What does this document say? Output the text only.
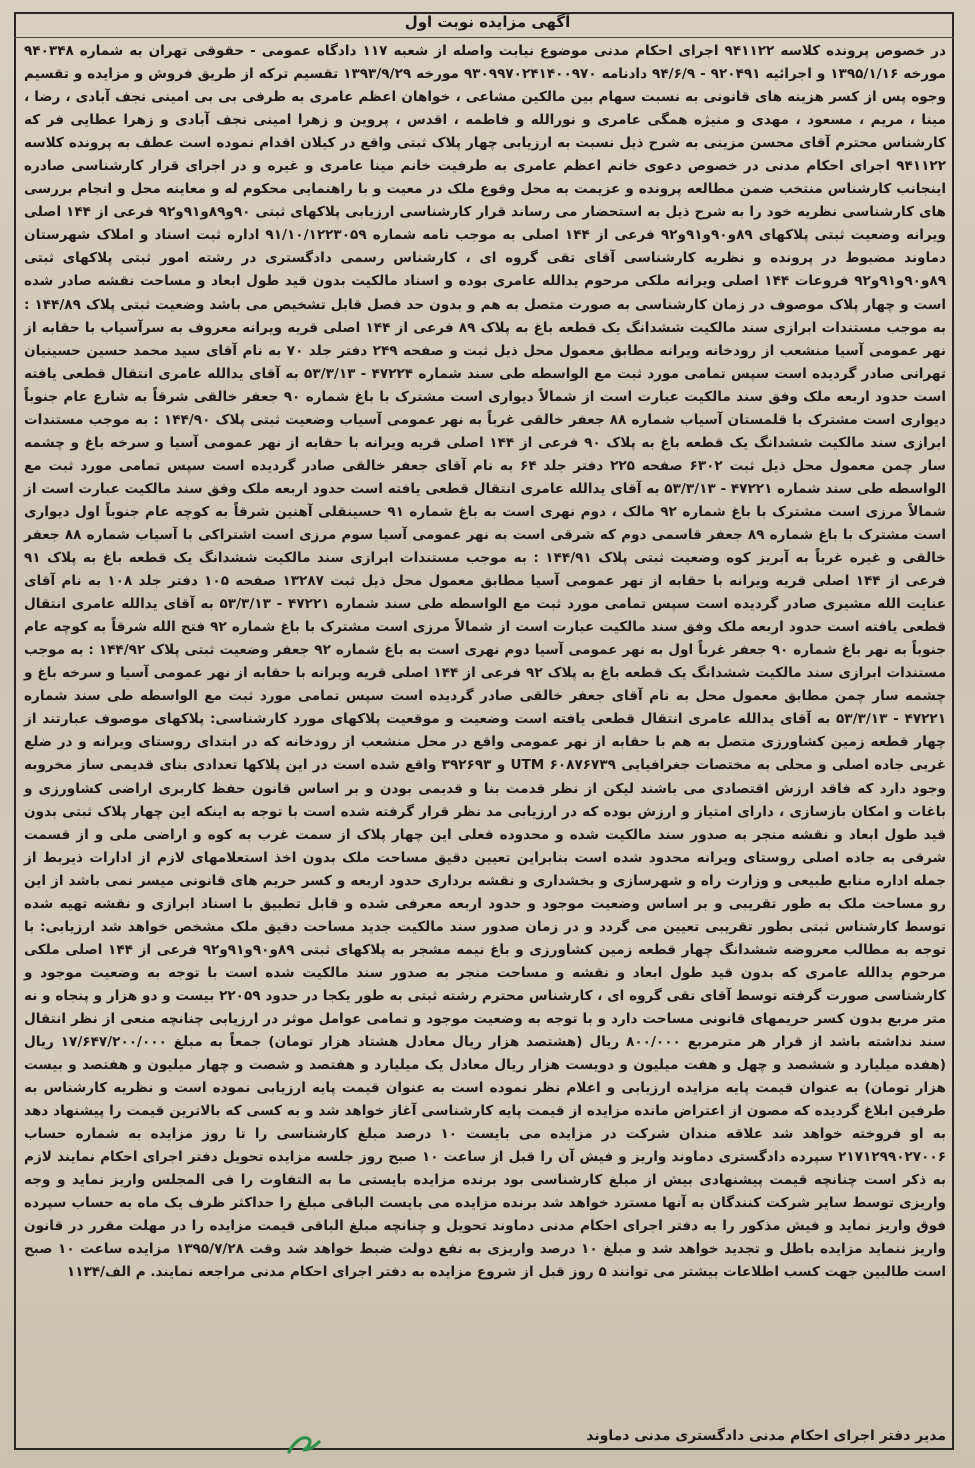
آگهی مزایده نوبت اول

در خصوص پرونده کلاسه ۹۴۱۱۲۲ اجرای احکام مدنی موضوع نیابت واصله از شعبه ۱۱۷ دادگاه عمومی - حقوقی تهران به شماره ۹۴۰۳۴۸ مورخه ۱۳۹۵/۱/۱۶ و اجرائیه ۹۲۰۴۹۱ - ۹۴/۶/۹ دادنامه ۹۳۰۹۹۷۰۲۴۱۴۰۰۹۷۰ مورخه ۱۳۹۳/۹/۲۹ تقسیم ترکه از طریق فروش و مزایده و تقسیم وجوه پس از کسر هزینه های قانونی به نسبت سهام بین مالکین مشاعی ، خواهان اعظم عامری به طرفی بی بی امینی نجف آبادی ، رضا ، مینا ، مریم ، مسعود ، مهدی و منیژه همگی عامری و نورالله و فاطمه ، اقدس ، پروین و زهرا امینی نجف آبادی و زهرا عطایی فر که کارشناس محترم آقای محسن مزینی به شرح ذیل نسبت به ارزیابی چهار پلاک ثبتی واقع در کیلان اقدام نموده است عطف به پرونده کلاسه ۹۴۱۱۲۲ اجرای احکام مدنی در خصوص دعوی خانم اعظم عامری به طرفیت خانم مینا عامری و غیره و در اجرای قرار کارشناسی صادره اینجانب کارشناس منتخب ضمن مطالعه پرونده و عزیمت به محل وقوع ملک در معیت و با راهنمایی محکوم له و معاینه محل و انجام بررسی های کارشناسی نظریه خود را به شرح ذیل به استحضار می رساند قرار کارشناسی ارزیابی پلاکهای ثبتی ۹۰و۸۹و۹۱و۹۲ فرعی از ۱۴۴ اصلی ویرانه وضعیت ثبتی پلاکهای ۸۹و۹۰و۹۱و۹۲ فرعی از ۱۴۴ اصلی به موجب نامه شماره ۹۱/۱۰/۱۲۲۳۰۵۹ اداره ثبت اسناد و املاک شهرستان دماوند مضبوط در پرونده و نظریه کارشناسی آقای تقی گروه ای ، کارشناس رسمی دادگستری در رشته امور ثبتی پلاکهای ثبتی ۸۹و۹۰و۹۱و۹۲ فروعات ۱۴۴ اصلی ویرانه ملکی مرحوم یدالله عامری بوده و اسناد مالکیت بدون قید طول ابعاد و مساحت نقشه صادر شده است و چهار پلاک موصوف در زمان کارشناسی به صورت متصل به هم و بدون حد فصل قابل تشخیص می باشد وضعیت ثبتی پلاک ۱۴۴/۸۹ : به موجب مستندات ابرازی سند مالکیت ششدانگ یک قطعه باغ به پلاک ۸۹ فرعی از ۱۴۴ اصلی قریه ویرانه معروف به سرآسیاب با حقابه از نهر عمومی آسیا منشعب از رودخانه ویرانه مطابق معمول محل ذیل ثبت و صفحه ۲۴۹ دفتر جلد ۷۰ به نام آقای سید محمد حسین حسینیان تهرانی صادر گردیده است سپس تمامی مورد ثبت مع الواسطه طی سند شماره ۴۷۲۲۴ - ۵۳/۳/۱۳ به آقای یدالله عامری انتقال قطعی یافته است حدود اربعه ملک وفق سند مالکیت عبارت است از شمالاً دیواری است مشترک با باغ شماره ۹۰ جعفر خالقی شرقاً به شارع عام جنوباً دیواری است مشترک با قلمستان آسیاب شماره ۸۸ جعفر خالقی غرباً به نهر عمومی آسیاب وضعیت ثبتی پلاک ۱۴۴/۹۰ : به موجب مستندات ابرازی سند مالکیت ششدانگ یک قطعه باغ به پلاک ۹۰ فرعی از ۱۴۴ اصلی قریه ویرانه با حقابه از نهر عمومی آسیا و سرخه باغ و چشمه سار چمن معمول محل ذیل ثبت ۶۳۰۲ صفحه ۲۲۵ دفتر جلد ۶۴ به نام آقای جعفر خالقی صادر گردیده است سپس تمامی مورد ثبت مع الواسطه طی سند شماره ۴۷۲۲۱ - ۵۳/۳/۱۳ به آقای یدالله عامری انتقال قطعی یافته است حدود اربعه ملک وفق سند مالکیت عبارت است از شمالاً مرزی است مشترک با باغ شماره ۹۲ مالک ، دوم نهری است به باغ شماره ۹۱ حسینقلی آهنین شرقاً به کوچه عام جنوباً اول دیواری است مشترک با باغ شماره ۸۹ جعفر قاسمی دوم که شرقی است به نهر عمومی آسیا سوم مرزی است اشتراکی با آسیاب شماره ۸۸ جعفر خالقی و غیره غرباً به آبریز کوه وضعیت ثبتی پلاک ۱۴۴/۹۱ : به موجب مستندات ابرازی سند مالکیت ششدانگ یک قطعه باغ به پلاک ۹۱ فرعی از ۱۴۴ اصلی قریه ویرانه با حقابه از نهر عمومی آسیا مطابق معمول محل ذیل ثبت ۱۳۲۸۷ صفحه ۱۰۵ دفتر جلد ۱۰۸ به نام آقای عنایت الله مشیری صادر گردیده است سپس تمامی مورد ثبت مع الواسطه طی سند شماره ۴۷۲۲۱ - ۵۳/۳/۱۳ به آقای یدالله عامری انتقال قطعی یافته است حدود اربعه ملک وفق سند مالکیت عبارت است از شمالاً مرزی است مشترک با باغ شماره ۹۲ فتح الله شرقاً به کوچه عام جنوباً به نهر باغ شماره ۹۰ جعفر غرباً اول به نهر عمومی آسیا دوم نهری است به باغ شماره ۹۲ جعفر وضعیت ثبتی پلاک ۱۴۴/۹۲ : به موجب مستندات ابرازی سند مالکیت ششدانگ یک قطعه باغ به پلاک ۹۲ فرعی از ۱۴۴ اصلی قریه ویرانه با حقابه از نهر عمومی آسیا و سرخه باغ و چشمه سار چمن مطابق معمول محل به نام آقای جعفر خالقی صادر گردیده است سپس تمامی مورد ثبت مع الواسطه طی سند شماره ۴۷۲۲۱ - ۵۳/۳/۱۳ به آقای یدالله عامری انتقال قطعی یافته است وضعیت و موقعیت پلاکهای مورد کارشناسی: پلاکهای موصوف عبارتند از چهار قطعه زمین کشاورزی متصل به هم با حقابه از نهر عمومی واقع در محل منشعب از رودخانه که در ابتدای روستای ویرانه و در ضلع غربی جاده اصلی و محلی به مختصات جغرافیایی UTM ۶۰۸۷۶۷۳۹ و ۳۹۲۶۹۳ واقع شده است در این پلاکها تعدادی بنای قدیمی ساز مخروبه وجود دارد که فاقد ارزش اقتصادی می باشند لیکن از نظر قدمت بنا و قدیمی بودن و بر اساس قانون حفظ کاربری اراضی کشاورزی و باغات و امکان بازسازی ، دارای امتیاز و ارزش بوده که در ارزیابی مد نظر قرار گرفته شده است با توجه به اینکه این چهار پلاک ثبتی بدون قید طول ابعاد و نقشه منجر به صدور سند مالکیت شده و محدوده فعلی این چهار پلاک از سمت غرب به کوه و اراضی ملی و از قسمت شرقی به جاده اصلی روستای ویرانه محدود شده است بنابراین تعیین دقیق مساحت ملک بدون اخذ استعلامهای لازم از ادارات ذیربط از جمله اداره منابع طبیعی و وزارت راه و شهرسازی و بخشداری و نقشه برداری حدود اربعه و کسر حریم های قانونی میسر نمی باشد از این رو مساحت ملک به طور تقریبی و بر اساس وضعیت موجود و حدود اربعه معرفی شده و قابل تطبیق با اسناد ابرازی و نقشه تهیه شده توسط کارشناس ثبتی بطور تقریبی تعیین می گردد و در زمان صدور سند مالکیت جدید مساحت دقیق ملک مشخص خواهد شد ارزیابی: با توجه به مطالب معروضه ششدانگ چهار قطعه زمین کشاورزی و باغ نیمه مشجر به پلاکهای ثبتی ۸۹و۹۰و۹۱و۹۲ فرعی از ۱۴۴ اصلی ملکی مرحوم یدالله عامری که بدون قید طول ابعاد و نقشه و مساحت منجر به صدور سند مالکیت شده است با توجه به وضعیت موجود و کارشناسی صورت گرفته توسط آقای تقی گروه ای ، کارشناس محترم رشته ثبتی به طور یکجا در حدود ۲۲۰۵۹ بیست و دو هزار و پنجاه و نه متر مربع بدون کسر حریمهای قانونی مساحت دارد و با توجه به وضعیت موجود و تمامی عوامل موثر در ارزیابی چنانچه منعی از نظر انتقال سند نداشته باشد از قرار هر مترمربع ۸۰۰/۰۰۰ ریال (هشتصد هزار ریال معادل هشتاد هزار تومان) جمعاً به مبلغ ۱۷/۶۴۷/۲۰۰/۰۰۰ ریال (هفده میلیارد و ششصد و چهل و هفت میلیون و دویست هزار ریال معادل یک میلیارد و هفتصد و شصت و چهار میلیون و هفتصد و بیست هزار تومان) به عنوان قیمت پایه مزایده ارزیابی و اعلام نظر نموده است به عنوان قیمت پایه ارزیابی نموده است و نظریه کارشناس به طرفین ابلاغ گردیده که مصون از اعتراض مانده مزایده از قیمت پایه کارشناسی آغاز خواهد شد و به کسی که بالاترین قیمت را پیشنهاد دهد به او فروخته خواهد شد علاقه مندان شرکت در مزایده می بایست ۱۰ درصد مبلغ کارشناسی را تا روز مزایده به شماره حساب ۲۱۷۱۲۹۹۰۲۷۰۰۶ سپرده دادگستری دماوند واریز و فیش آن را قبل از ساعت ۱۰ صبح روز جلسه مزایده تحویل دفتر اجرای احکام نمایند لازم به ذکر است چنانچه قیمت پیشنهادی بیش از مبلغ کارشناسی بود برنده مزایده بایستی ما به التفاوت را فی المجلس واریز نماید و وجه واریزی توسط سایر شرکت کنندگان به آنها مسترد خواهد شد برنده مزایده می بایست الباقی مبلغ را حداکثر ظرف یک ماه به حساب سپرده فوق واریز نماید و فیش مذکور را به دفتر اجرای احکام مدنی دماوند تحویل و چنانچه مبلغ الباقی قیمت مزایده را در مهلت مقرر در قانون واریز ننماید مزایده باطل و تجدید خواهد شد و مبلغ ۱۰ درصد واریزی به نفع دولت ضبط خواهد شد وقت ۱۳۹۵/۷/۲۸ مزایده ساعت ۱۰ صبح است طالبین جهت کسب اطلاعات بیشتر می توانند ۵ روز قبل از شروع مزایده به دفتر اجرای احکام مدنی مراجعه نمایند. م الف/۱۱۳۴

مدیر دفتر اجرای احکام مدنی دادگستری مدنی دماوند
